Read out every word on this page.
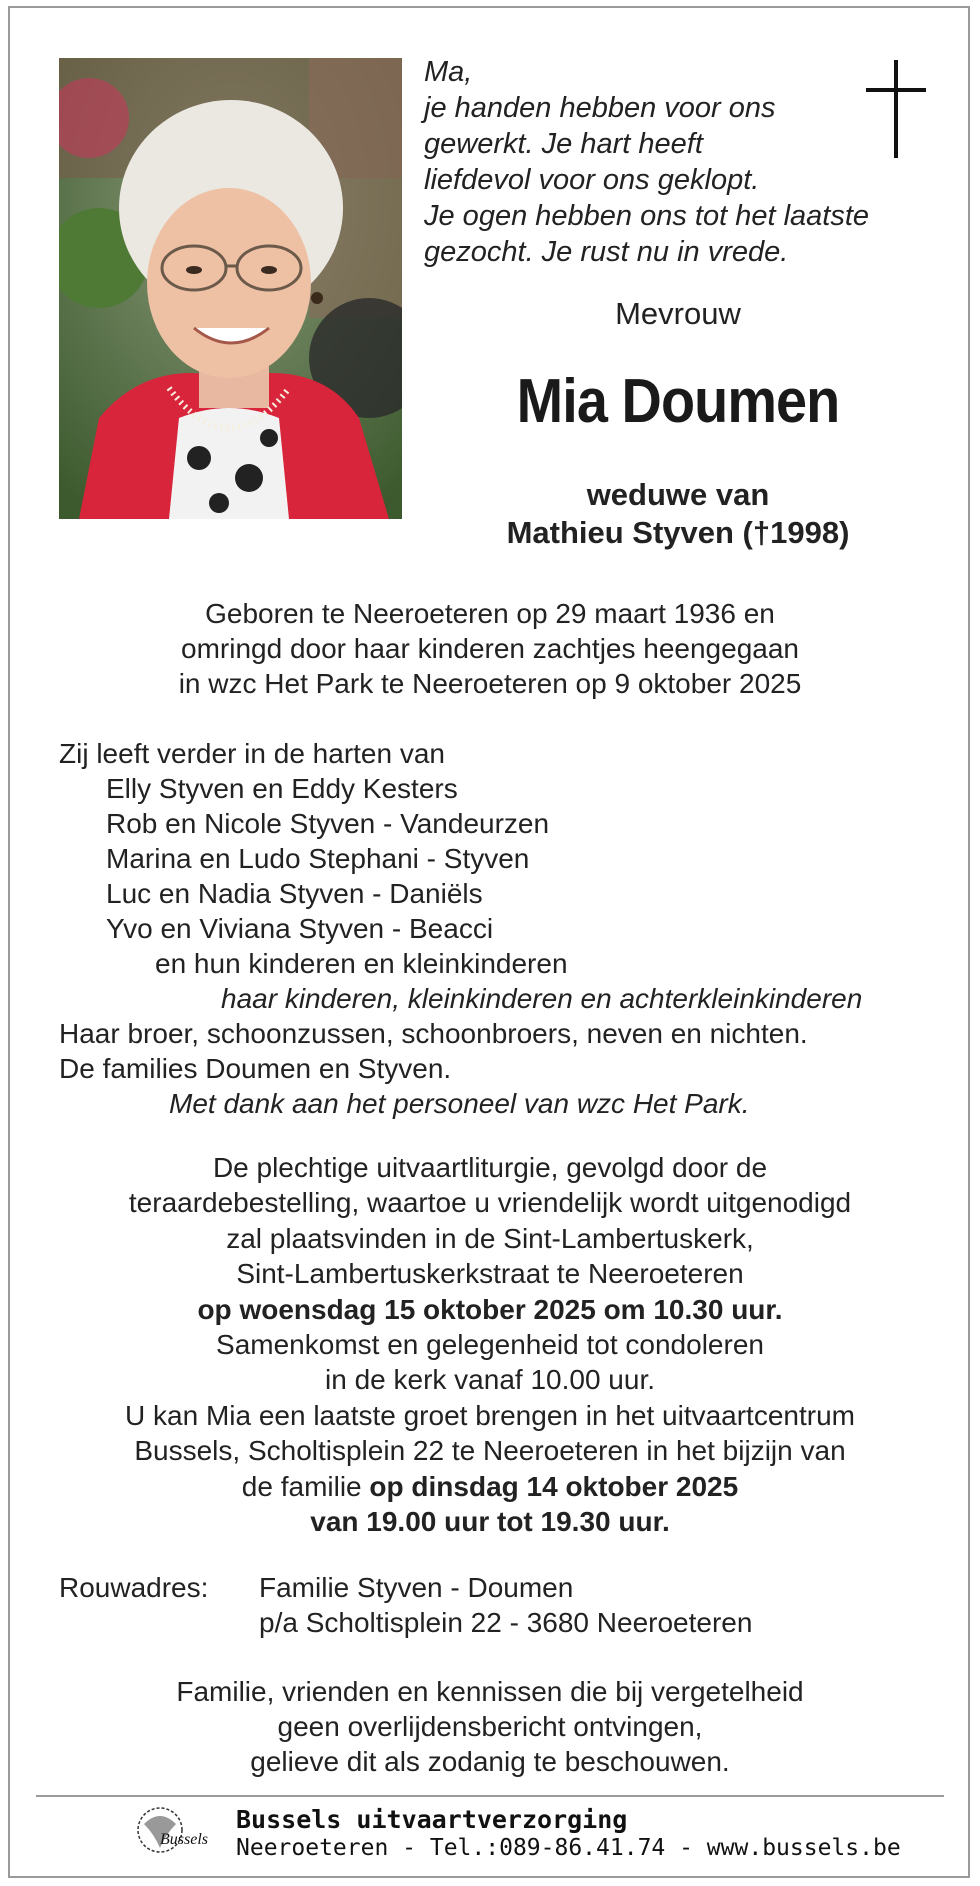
Ma,
je handen hebben voor ons
gewerkt. Je hart heeft
liefdevol voor ons geklopt.
Je ogen hebben ons tot het laatste
gezocht. Je rust nu in vrede.
Mevrouw
Mia Doumen
weduwe van
Mathieu Styven (†1998)
Geboren te Neeroeteren op 29 maart 1936 en
omringd door haar kinderen zachtjes heengegaan
in wzc Het Park te Neeroeteren op 9 oktober 2025
Zij leeft verder in de harten van
Elly Styven en Eddy Kesters
Rob en Nicole Styven - Vandeurzen
Marina en Ludo Stephani - Styven
Luc en Nadia Styven - Daniëls
Yvo en Viviana Styven - Beacci
en hun kinderen en kleinkinderen
haar kinderen, kleinkinderen en achterkleinkinderen
Haar broer, schoonzussen, schoonbroers, neven en nichten.
De families Doumen en Styven.
Met dank aan het personeel van wzc Het Park.
De plechtige uitvaartliturgie, gevolgd door de
teraardebestelling, waartoe u vriendelijk wordt uitgenodigd
zal plaatsvinden in de Sint-Lambertuskerk,
Sint-Lambertuskerkstraat te Neeroeteren
op woensdag 15 oktober 2025 om 10.30 uur.
Samenkomst en gelegenheid tot condoleren
in de kerk vanaf 10.00 uur.
U kan Mia een laatste groet brengen in het uitvaartcentrum
Bussels, Scholtisplein 22 te Neeroeteren in het bijzijn van
de familie op dinsdag 14 oktober 2025
van 19.00 uur tot 19.30 uur.
Rouwadres:	Familie Styven - Doumen
p/a Scholtisplein 22 - 3680 Neeroeteren
Familie, vrienden en kennissen die bij vergetelheid
geen overlijdensbericht ontvingen,
gelieve dit als zodanig te beschouwen.
Bussels
Bussels uitvaartverzorging
Neeroeteren - Tel.:089-86.41.74 - www.bussels.be
